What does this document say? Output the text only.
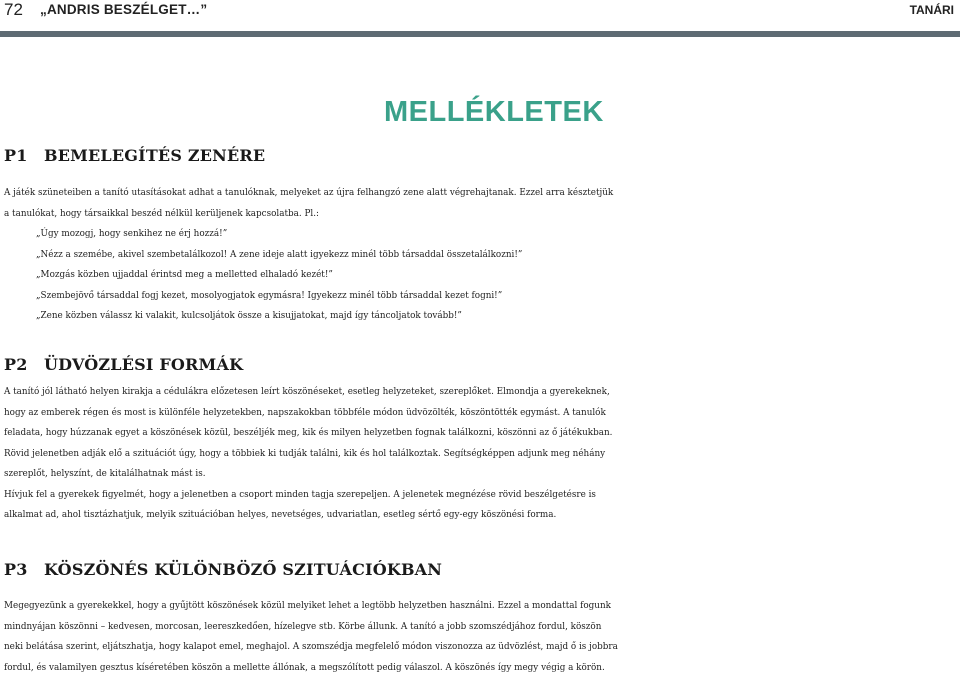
72 „ANDRIS BESZÉLGET…”	TANÁRI
MELLÉKLETEK
P1 BEMELEGÍTÉS ZENÉRE
A játék szüneteiben a tanító utasításokat adhat a tanulóknak, melyeket az újra felhangzó zene alatt végrehajtanak. Ezzel arra késztetjük
a tanulókat, hogy társaikkal beszéd nélkül kerüljenek kapcsolatba. Pl.:
„Úgy mozogj, hogy senkihez ne érj hozzá!”
„Nézz a szemébe, akivel szembetalálkozol! A zene ideje alatt igyekezz minél több társaddal összetalálkozni!”
„Mozgás közben ujjaddal érintsd meg a melletted elhaladó kezét!”
„Szembejövő társaddal fogj kezet, mosolyogjatok egymásra! Igyekezz minél több társaddal kezet fogni!”
„Zene közben válassz ki valakit, kulcsoljátok össze a kisujjatokat, majd így táncoljatok tovább!”
P2 ÜDVÖZLÉSI FORMÁK
A tanító jól látható helyen kirakja a cédulákra előzetesen leírt köszönéseket, esetleg helyzeteket, szereplőket. Elmondja a gyerekeknek,
hogy az emberek régen és most is különféle helyzetekben, napszakokban többféle módon üdvözölték, köszöntötték egymást. A tanulók
feladata, hogy húzzanak egyet a köszönések közül, beszéljék meg, kik és milyen helyzetben fognak találkozni, köszönni az ő játékukban.
Rövid jelenetben adják elő a szituációt úgy, hogy a többiek ki tudják találni, kik és hol találkoztak. Segítségképpen adjunk meg néhány
szereplőt, helyszínt, de kitalálhatnak mást is.
Hívjuk fel a gyerekek figyelmét, hogy a jelenetben a csoport minden tagja szerepeljen. A jelenetek megnézése rövid beszélgetésre is
alkalmat ad, ahol tisztázhatjuk, melyik szituációban helyes, nevetséges, udvariatlan, esetleg sértő egy-egy köszönési forma.
P3 KÖSZÖNÉS KÜLÖNBÖZŐ SZITUÁCIÓKBAN
Megegyezünk a gyerekekkel, hogy a gyűjtött köszönések közül melyiket lehet a legtöbb helyzetben használni. Ezzel a mondattal fogunk
mindnyájan köszönni – kedvesen, morcosan, leereszkedően, hízelegve stb. Körbe állunk. A tanító a jobb szomszédjához fordul, köszön
neki belátása szerint, eljátszhatja, hogy kalapot emel, meghajol. A szomszédja megfelelő módon viszonozza az üdvözlést, majd ő is jobbra
fordul, és valamilyen gesztus kíséretében köszön a mellette állónak, a megszólított pedig válaszol. A köszönés így megy végig a körön.
